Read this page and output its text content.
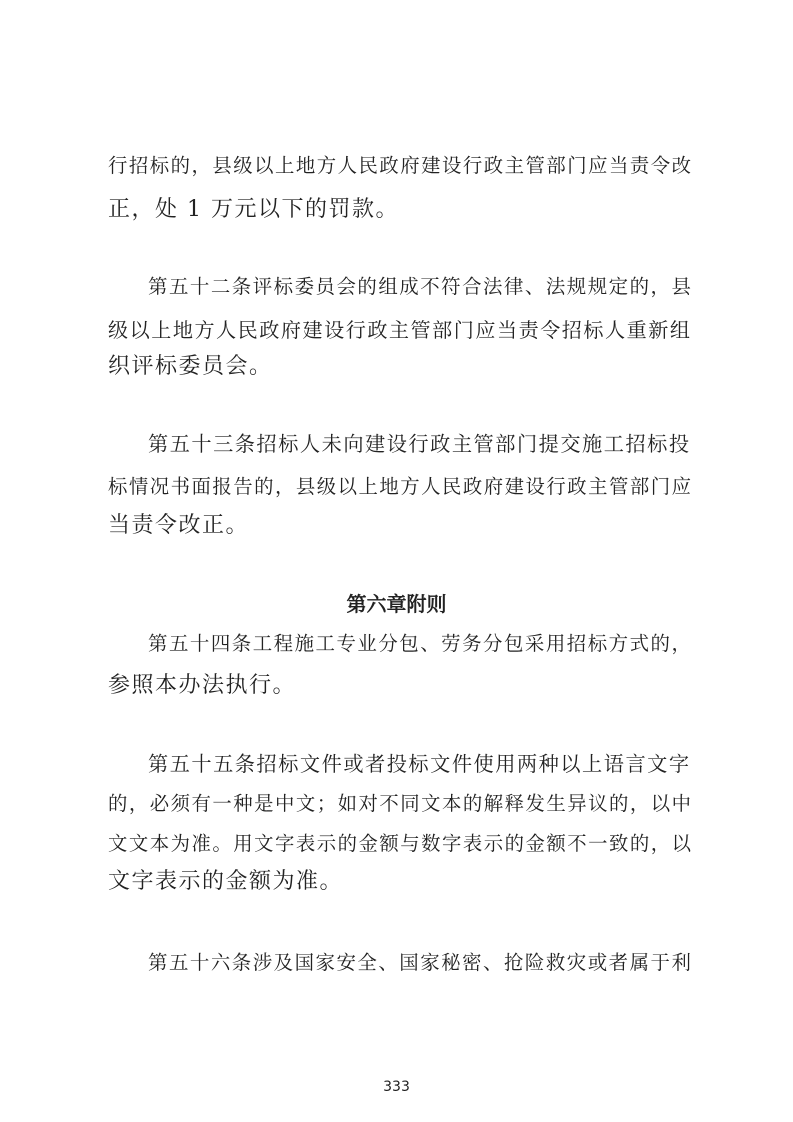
行招标的，县级以上地方人民政府建设行政主管部门应当责令改
正，处 1 万元以下的罚款。
第五十二条评标委员会的组成不符合法律、法规规定的，县
级以上地方人民政府建设行政主管部门应当责令招标人重新组
织评标委员会。
第五十三条招标人未向建设行政主管部门提交施工招标投
标情况书面报告的，县级以上地方人民政府建设行政主管部门应
当责令改正。
第六章附则
第五十四条工程施工专业分包、劳务分包采用招标方式的，
参照本办法执行。
第五十五条招标文件或者投标文件使用两种以上语言文字
的，必须有一种是中文；如对不同文本的解释发生异议的，以中
文文本为准。用文字表示的金额与数字表示的金额不一致的，以
文字表示的金额为准。
第五十六条涉及国家安全、国家秘密、抢险救灾或者属于利
333
